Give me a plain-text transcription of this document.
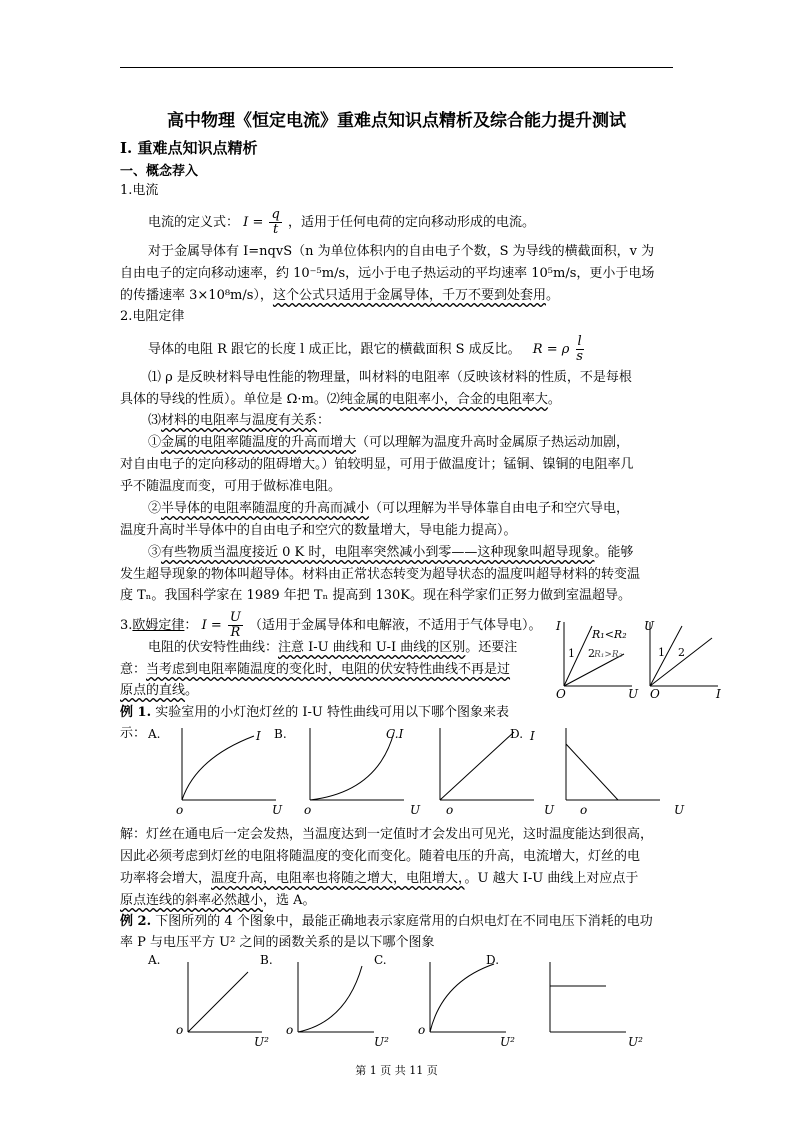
高中物理《恒定电流》重难点知识点精析及综合能力提升测试
I. 重难点知识点精析
一、概念荐入
1.电流
电流的定义式： $I = \frac{q}{t}$ ，适用于任何电荷的定向移动形成的电流。
对于金属导体有 I=nqvS（n 为单位体积内的自由电子个数，S 为导线的横截面积，v 为
自由电子的定向移动速率，约 10⁻⁵m/s，远小于电子热运动的平均速率 10⁵m/s，更小于电场
的传播速率 3×10⁸m/s），这个公式只适用于金属导体，千万不要到处套用。
2.电阻定律
导体的电阻 R 跟它的长度 l 成正比，跟它的横截面积 S 成反比。 R = ρ $\frac{l}{s}$
⑴ ρ 是反映材料导电性能的物理量，叫材料的电阻率（反映该材料的性质，不是每根
具体的导线的性质）。单位是 Ω·m。⑵纯金属的电阻率小，合金的电阻率大。
⑶材料的电阻率与温度有关系：
①金属的电阻率随温度的升高而增大（可以理解为温度升高时金属原子热运动加剧，
对自由电子的定向移动的阻碍增大。）铂较明显，可用于做温度计；锰铜、镍铜的电阻率几
乎不随温度而变，可用于做标准电阻。
②半导体的电阻率随温度的升高而减小（可以理解为半导体靠自由电子和空穴导电，
温度升高时半导体中的自由电子和空穴的数量增大，导电能力提高）。
③有些物质当温度接近 0 K 时，电阻率突然减小到零——这种现象叫超导现象。能够
发生超导现象的物体叫超导体。材料由正常状态转变为超导状态的温度叫超导材料的转变温
度 Tₙ。我国科学家在 1989 年把 Tₙ 提高到 130K。现在科学家们正努力做到室温超导。
3.欧姆定律： $I = \frac{U}{R}$ （适用于金属导体和电解液，不适用于气体导电）。
电阻的伏安特性曲线：注意 I-U 曲线和 U-I 曲线的区别。还要注
意：当考虑到电阻率随温度的变化时，电阻的伏安特性曲线不再是过
原点的直线。
I
U
O
R₁<R₂
1 2 R₁>R₂
U
I
O
1 2
例 1. 实验室用的小灯泡灯丝的 I-U 特性曲线可用以下哪个图象来表
示： A.	I
o	U
B.	C.I
o	U o	U
D. I
o	U
解：灯丝在通电后一定会发热，当温度达到一定值时才会发出可见光，这时温度能达到很高，
因此必须考虑到灯丝的电阻将随温度的变化而变化。随着电压的升高，电流增大，灯丝的电
功率将会增大，温度升高，电阻率也将随之增大，电阻增大，。U 越大 I-U 曲线上对应点于
原点连线的斜率必然越小，选 A。
例 2. 下图所列的 4 个图象中，最能正确地表示家庭常用的白炽电灯在不同电压下消耗的电功
率 P 与电压平方 U² 之间的函数关系的是以下哪个图象
A.
o
U²
B.
o
U²
C.
o
U²
D.
U²
第 1 页 共 11 页
